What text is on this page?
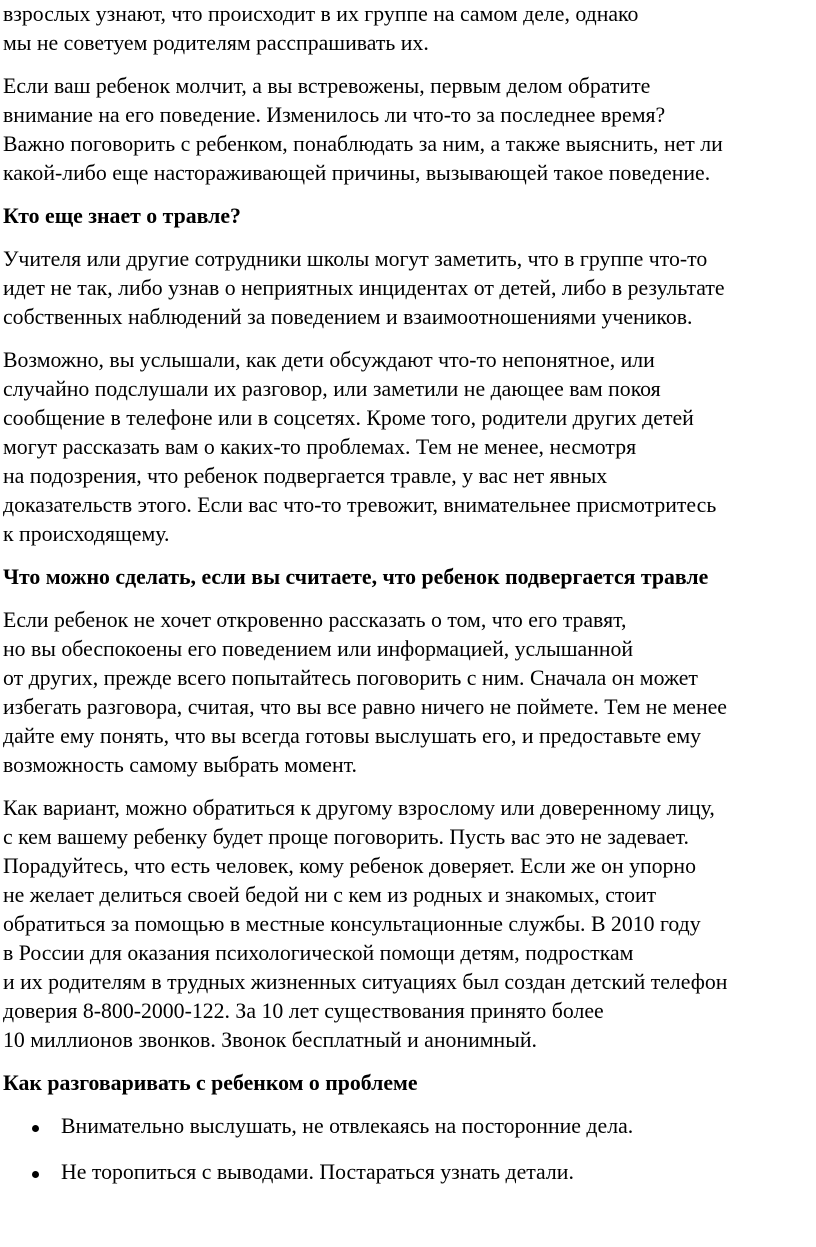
взрослых узнают, что происходит в их группе на самом деле, однако
мы не советуем родителям расспрашивать их.
Если ваш ребенок молчит, а вы встревожены, первым делом обратите
внимание на его поведение. Изменилось ли что-то за последнее время?
Важно поговорить с ребенком, понаблюдать за ним, а также выяснить, нет ли
какой-либо еще настораживающей причины, вызывающей такое поведение.
Кто еще знает о травле?
Учителя или другие сотрудники школы могут заметить, что в группе что-то
идет не так, либо узнав о неприятных инцидентах от детей, либо в результате
собственных наблюдений за поведением и взаимоотношениями учеников.
Возможно, вы услышали, как дети обсуждают что-то непонятное, или
случайно подслушали их разговор, или заметили не дающее вам покоя
сообщение в телефоне или в соцсетях. Кроме того, родители других детей
могут рассказать вам о каких-то проблемах. Тем не менее, несмотря
на подозрения, что ребенок подвергается травле, у вас нет явных
доказательств этого. Если вас что-то тревожит, внимательнее присмотритесь
к происходящему.
Что можно сделать, если вы считаете, что ребенок подвергается травле
Если ребенок не хочет откровенно рассказать о том, что его травят,
но вы обеспокоены его поведением или информацией, услышанной
от других, прежде всего попытайтесь поговорить с ним. Сначала он может
избегать разговора, считая, что вы все равно ничего не поймете. Тем не менее
дайте ему понять, что вы всегда готовы выслушать его, и предоставьте ему
возможность самому выбрать момент.
Как вариант, можно обратиться к другому взрослому или доверенному лицу,
с кем вашему ребенку будет проще поговорить. Пусть вас это не задевает.
Порадуйтесь, что есть человек, кому ребенок доверяет. Если же он упорно
не желает делиться своей бедой ни с кем из родных и знакомых, стоит
обратиться за помощью в местные консультационные службы. В 2010 году
в России для оказания психологической помощи детям, подросткам
и их родителям в трудных жизненных ситуациях был создан детский телефон
доверия 8-800-2000-122. За 10 лет существования принято более
10 миллионов звонков. Звонок бесплатный и анонимный.
Как разговаривать с ребенком о проблеме
Внимательно выслушать, не отвлекаясь на посторонние дела.
Не торопиться с выводами. Постараться узнать детали.
